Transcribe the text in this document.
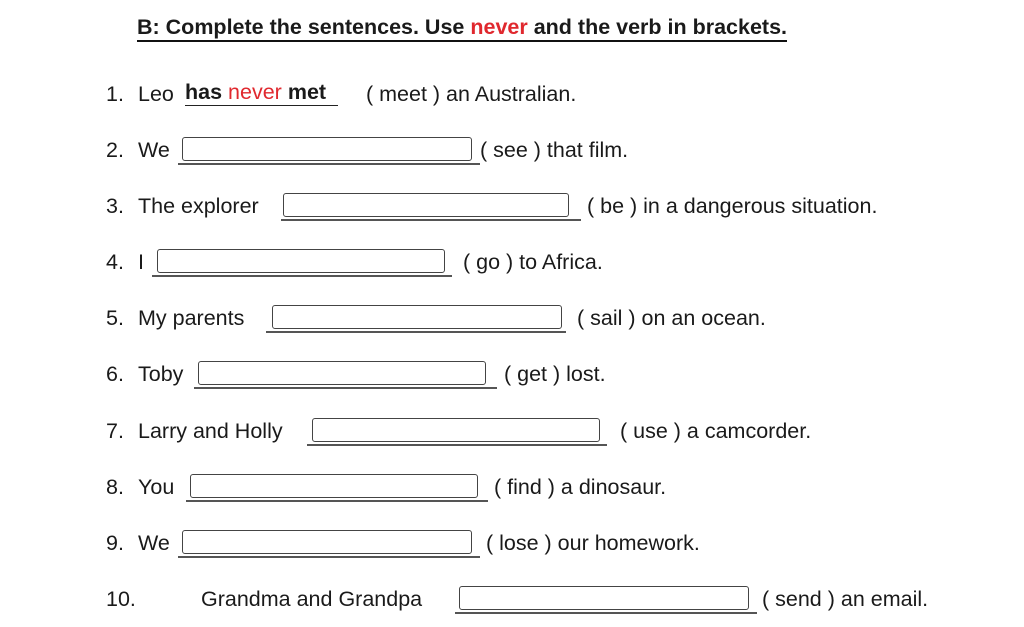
B: Complete the sentences. Use never and the verb in brackets.
1. Leo has never met	( meet ) an Australian.
2. We	( see ) that film.
3. The explorer	( be ) in a dangerous situation.
4. I	( go ) to Africa.
5. My parents	( sail ) on an ocean.
6. Toby	( get ) lost.
7. Larry and Holly	( use ) a camcorder.
8. You	( find ) a dinosaur.
9. We	( lose ) our homework.
10.	Grandma and Grandpa	( send ) an email.
